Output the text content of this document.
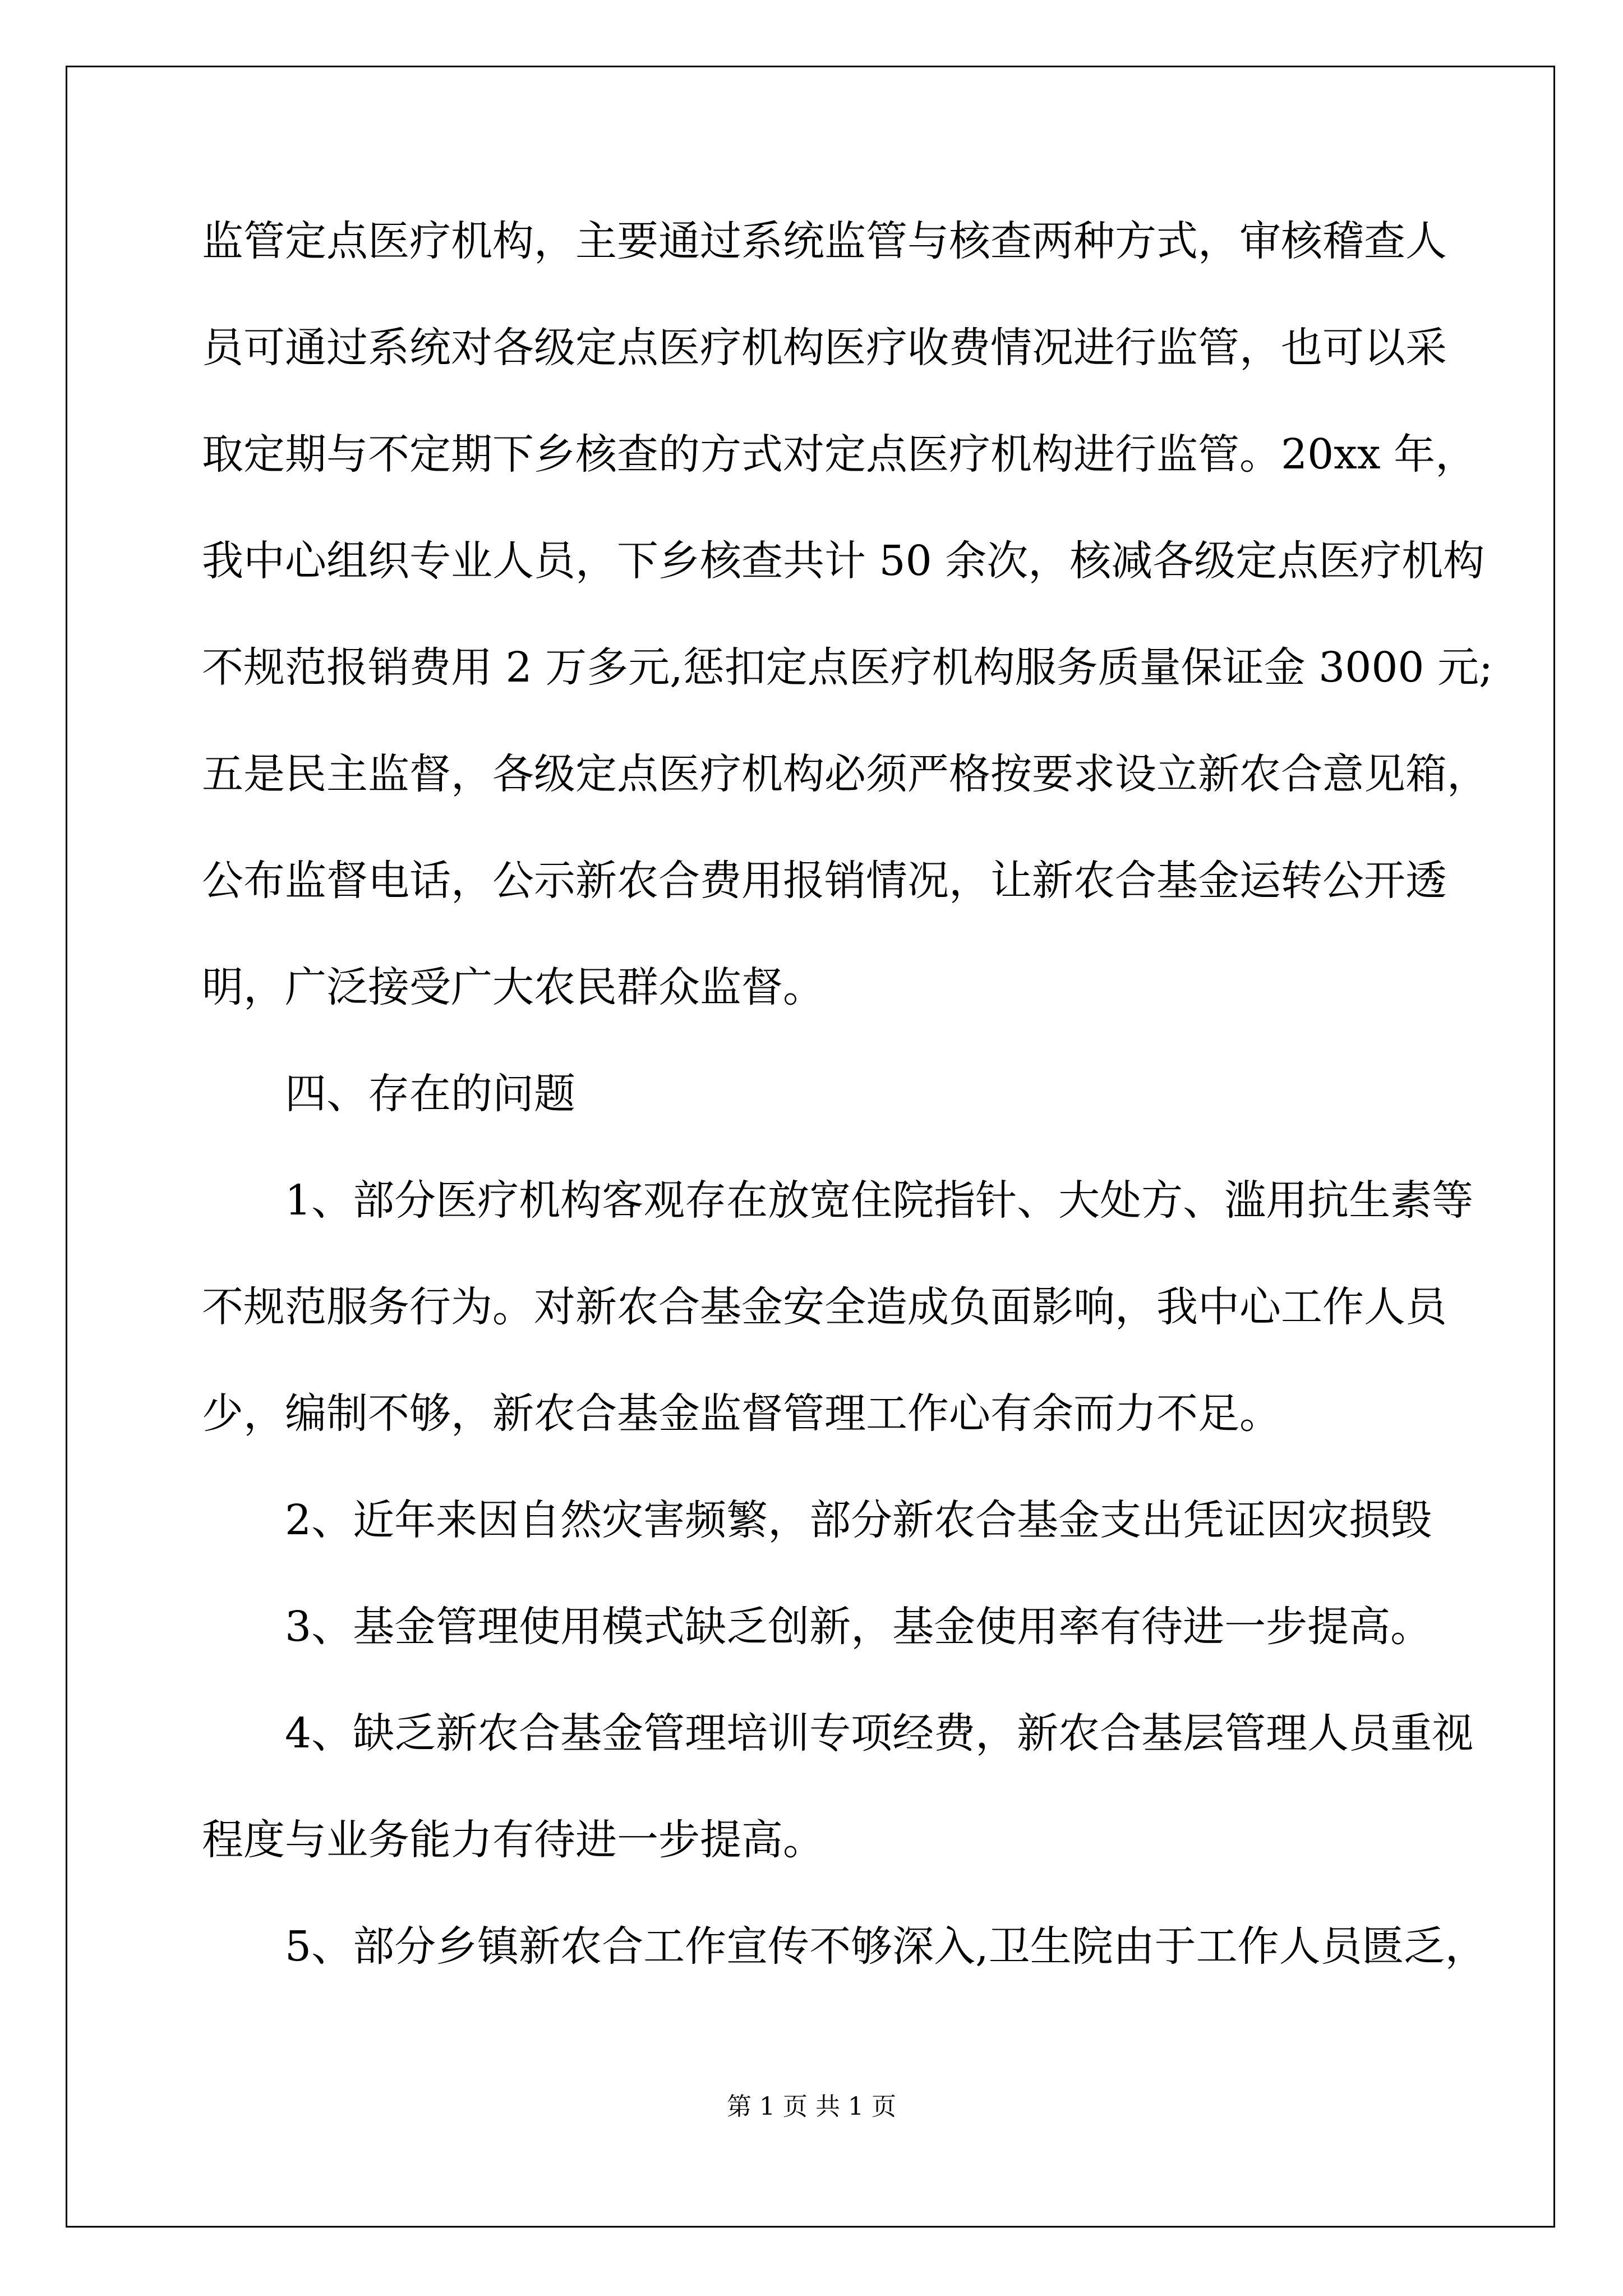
监管定点医疗机构，主要通过系统监管与核查两种方式，审核稽查人
员可通过系统对各级定点医疗机构医疗收费情况进行监管，也可以采
取定期与不定期下乡核查的方式对定点医疗机构进行监管。20xx 年，
我中心组织专业人员，下乡核查共计 50 余次，核减各级定点医疗机构
不规范报销费用 2 万多元,惩扣定点医疗机构服务质量保证金 3000 元;
五是民主监督，各级定点医疗机构必须严格按要求设立新农合意见箱，
公布监督电话，公示新农合费用报销情况，让新农合基金运转公开透
明，广泛接受广大农民群众监督。
四、存在的问题
1、部分医疗机构客观存在放宽住院指针、大处方、滥用抗生素等
不规范服务行为。对新农合基金安全造成负面影响，我中心工作人员
少，编制不够，新农合基金监督管理工作心有余而力不足。
2、近年来因自然灾害频繁，部分新农合基金支出凭证因灾损毁
3、基金管理使用模式缺乏创新，基金使用率有待进一步提高。
4、缺乏新农合基金管理培训专项经费，新农合基层管理人员重视
程度与业务能力有待进一步提高。
5、部分乡镇新农合工作宣传不够深入,卫生院由于工作人员匮乏，
第 1 页 共 1 页
